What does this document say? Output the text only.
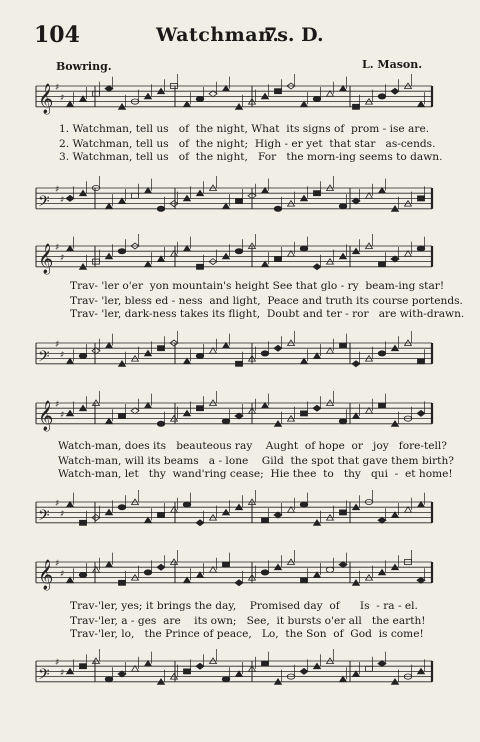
104	Watchman.
7s. D.
Bowring.	L. Mason.
𝄞 ♯
♯
1. Watchman, tell us   of  the night, What  its signs of  prom - ise are.
2. Watchman, tell us   of  the night;  High - er yet  that star   as-cends.
3. Watchman, tell us   of  the night,   For   the morn-ing seems to dawn.
𝄢
♯
♯
𝄞 ♯
♯
Trav- 'ler o'er  yon mountain's height See that glo - ry  beam-ing star!
Trav- 'ler, bless ed - ness  and light,  Peace and truth its course portends.
Trav- 'ler, dark-ness takes its flight,  Doubt and ter - ror   are with-drawn.
𝄢
♯
♯
𝄞 ♯
♯
Watch-man, does its   beauteous ray    Aught  of hope  or   joy   fore-tell?
Watch-man, will its beams   a - lone    Gild  the spot that gave them birth?
Watch-man, let   thy  wand'ring cease;  Hie thee  to   thy   qui  -  et home!
𝄢
♯
♯
𝄞 ♯
♯
Trav-'ler, yes; it brings the day,    Promised day  of      Is  - ra - el.
Trav-'ler, a - ges  are    its own;   See,  it bursts o'er all   the earth!
Trav-'ler, lo,   the Prince of peace,   Lo,  the Son  of  God  is come!
𝄢
♯
♯
